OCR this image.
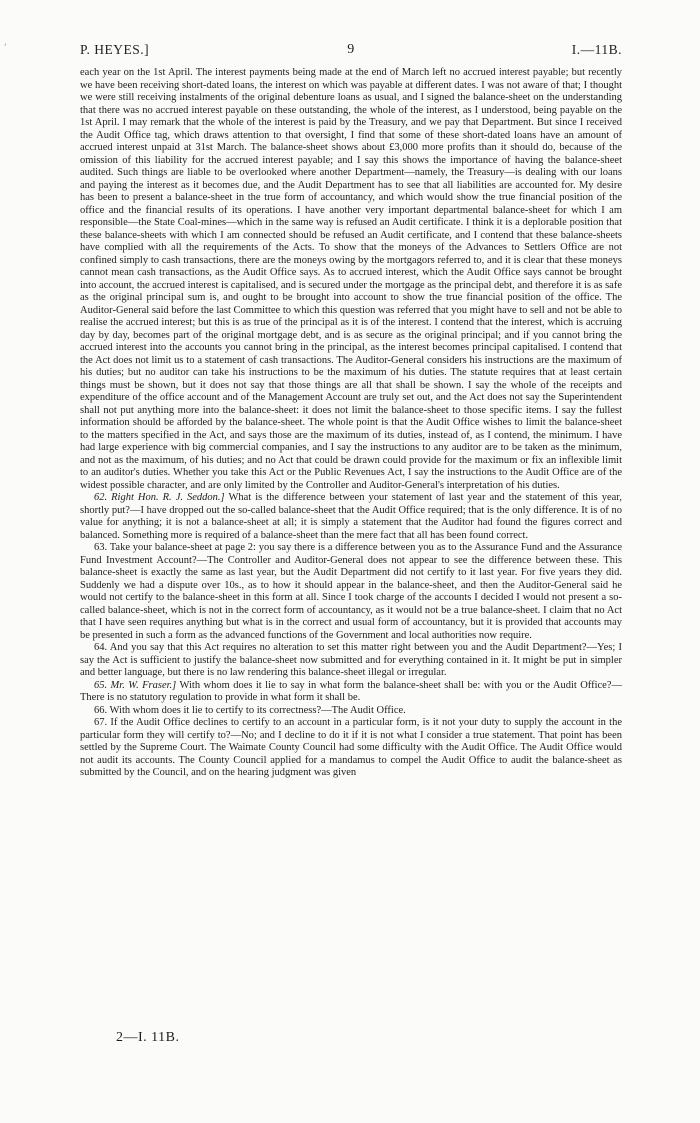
ʻ	P. HEYES.]	9	I.—11B.

each year on the 1st April. The interest payments being made at the end of March left no accrued interest payable; but recently we have been receiving short-dated loans, the interest on which was payable at different dates. I was not aware of that; I thought we were still receiving instalments of the original debenture loans as usual, and I signed the balance-sheet on the understanding that there was no accrued interest payable on these outstanding, the whole of the interest, as I understood, being payable on the 1st April. I may remark that the whole of the interest is paid by the Treasury, and we pay that Department. But since I received the Audit Office tag, which draws attention to that oversight, I find that some of these short-dated loans have an amount of accrued interest unpaid at 31st March. The balance-sheet shows about £3,000 more profits than it should do, because of the omission of this liability for the accrued interest payable; and I say this shows the importance of having the balance-sheet audited. Such things are liable to be overlooked where another Department—namely, the Treasury—is dealing with our loans and paying the interest as it becomes due, and the Audit Department has to see that all liabilities are accounted for. My desire has been to present a balance-sheet in the true form of accountancy, and which would show the true financial position of the office and the financial results of its operations. I have another very important departmental balance-sheet for which I am responsible—the State Coal-mines—which in the same way is refused an Audit certificate. I think it is a deplorable position that these balance-sheets with which I am connected should be refused an Audit certificate, and I contend that these balance-sheets have complied with all the requirements of the Acts. To show that the moneys of the Advances to Settlers Office are not confined simply to cash transactions, there are the moneys owing by the mortgagors referred to, and it is clear that these moneys cannot mean cash transactions, as the Audit Office says. As to accrued interest, which the Audit Office says cannot be brought into account, the accrued interest is capitalised, and is secured under the mortgage as the principal debt, and therefore it is as safe as the original principal sum is, and ought to be brought into account to show the true financial position of the office. The Auditor-General said before the last Committee to which this question was referred that you might have to sell and not be able to realise the accrued interest; but this is as true of the principal as it is of the interest. I contend that the interest, which is accruing day by day, becomes part of the original mortgage debt, and is as secure as the original principal; and if you cannot bring the accrued interest into the accounts you cannot bring in the principal, as the interest becomes principal capitalised. I contend that the Act does not limit us to a statement of cash transactions. The Auditor-General considers his instructions are the maximum of his duties; but no auditor can take his instructions to be the maximum of his duties. The statute requires that at least certain things must be shown, but it does not say that those things are all that shall be shown. I say the whole of the receipts and expenditure of the office account and of the Management Account are truly set out, and the Act does not say the Superintendent shall not put anything more into the balance-sheet: it does not limit the balance-sheet to those specific items. I say the fullest information should be afforded by the balance-sheet. The whole point is that the Audit Office wishes to limit the balance-sheet to the matters specified in the Act, and says those are the maximum of its duties, instead of, as I contend, the minimum. I have had large experience with big commercial companies, and I say the instructions to any auditor are to be taken as the minimum, and not as the maximum, of his duties; and no Act that could be drawn could provide for the maximum or fix an inflexible limit to an auditor's duties. Whether you take this Act or the Public Revenues Act, I say the instructions to the Audit Office are of the widest possible character, and are only limited by the Controller and Auditor-General's interpretation of his duties.

62. Right Hon. R. J. Seddon.] What is the difference between your statement of last year and the statement of this year, shortly put?—I have dropped out the so-called balance-sheet that the Audit Office required; that is the only difference. It is of no value for anything; it is not a balance-sheet at all; it is simply a statement that the Auditor had found the figures correct and balanced. Something more is required of a balance-sheet than the mere fact that all has been found correct.

63. Take your balance-sheet at page 2: you say there is a difference between you as to the Assurance Fund and the Assurance Fund Investment Account?—The Controller and Auditor-General does not appear to see the difference between these. This balance-sheet is exactly the same as last year, but the Audit Department did not certify to it last year. For five years they did. Suddenly we had a dispute over 10s., as to how it should appear in the balance-sheet, and then the Auditor-General said he would not certify to the balance-sheet in this form at all. Since I took charge of the accounts I decided I would not present a so-called balance-sheet, which is not in the correct form of accountancy, as it would not be a true balance-sheet. I claim that no Act that I have seen requires anything but what is in the correct and usual form of accountancy, but it is provided that accounts may be presented in such a form as the advanced functions of the Government and local authorities now require.

64. And you say that this Act requires no alteration to set this matter right between you and the Audit Department?—Yes; I say the Act is sufficient to justify the balance-sheet now submitted and for everything contained in it. It might be put in simpler and better language, but there is no law rendering this balance-sheet illegal or irregular.

65. Mr. W. Fraser.] With whom does it lie to say in what form the balance-sheet shall be: with you or the Audit Office?—There is no statutory regulation to provide in what form it shall be.

66. With whom does it lie to certify to its correctness?—The Audit Office.

67. If the Audit Office declines to certify to an account in a particular form, is it not your duty to supply the account in the particular form they will certify to?—No; and I decline to do it if it is not what I consider a true statement. That point has been settled by the Supreme Court. The Waimate County Council had some difficulty with the Audit Office. The Audit Office would not audit its accounts. The County Council applied for a mandamus to compel the Audit Office to audit the balance-sheet as submitted by the Council, and on the hearing judgment was given

2—I. 11B.
